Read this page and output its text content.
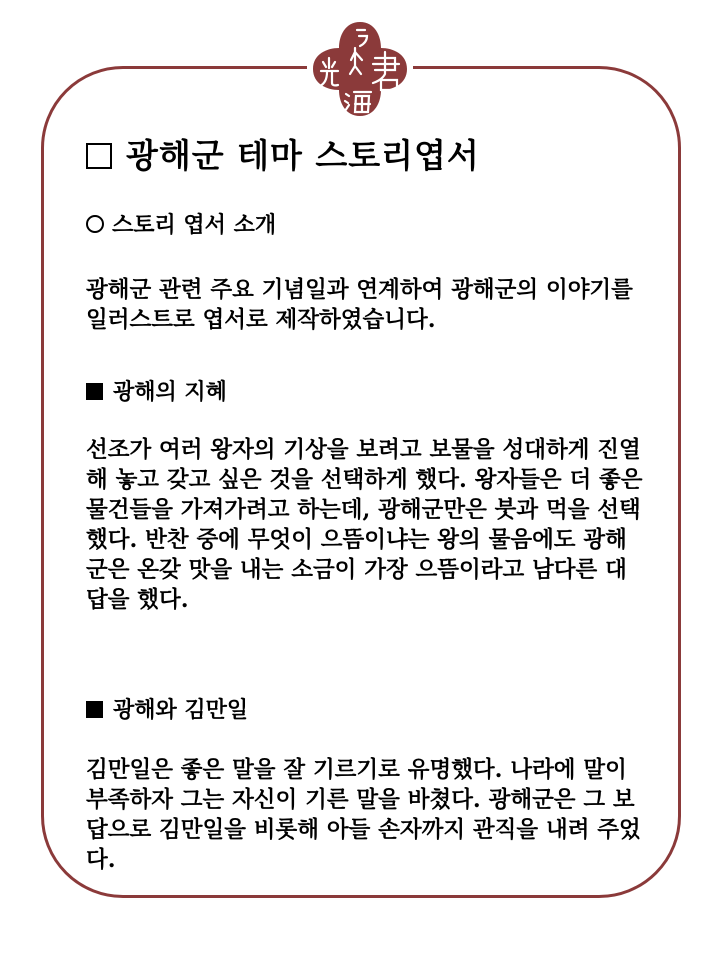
광해군 테마 스토리엽서
스토리 엽서 소개
광해군 관련 주요 기념일과 연계하여 광해군의 이야기를 일러스트로 엽서로 제작하였습니다.
광해의 지혜
선조가 여러 왕자의 기상을 보려고 보물을 성대하게 진열해 놓고 갖고 싶은 것을 선택하게 했다. 왕자들은 더 좋은 물건들을 가져가려고 하는데, 광해군만은 붓과 먹을 선택했다. 반찬 중에 무엇이 으뜸이냐는 왕의 물음에도 광해군은 온갖 맛을 내는 소금이 가장 으뜸이라고 남다른 대답을 했다.
광해와 김만일
김만일은 좋은 말을 잘 기르기로 유명했다. 나라에 말이 부족하자 그는 자신이 기른 말을 바쳤다. 광해군은 그 보답으로 김만일을 비롯해 아들 손자까지 관직을 내려 주었다.
